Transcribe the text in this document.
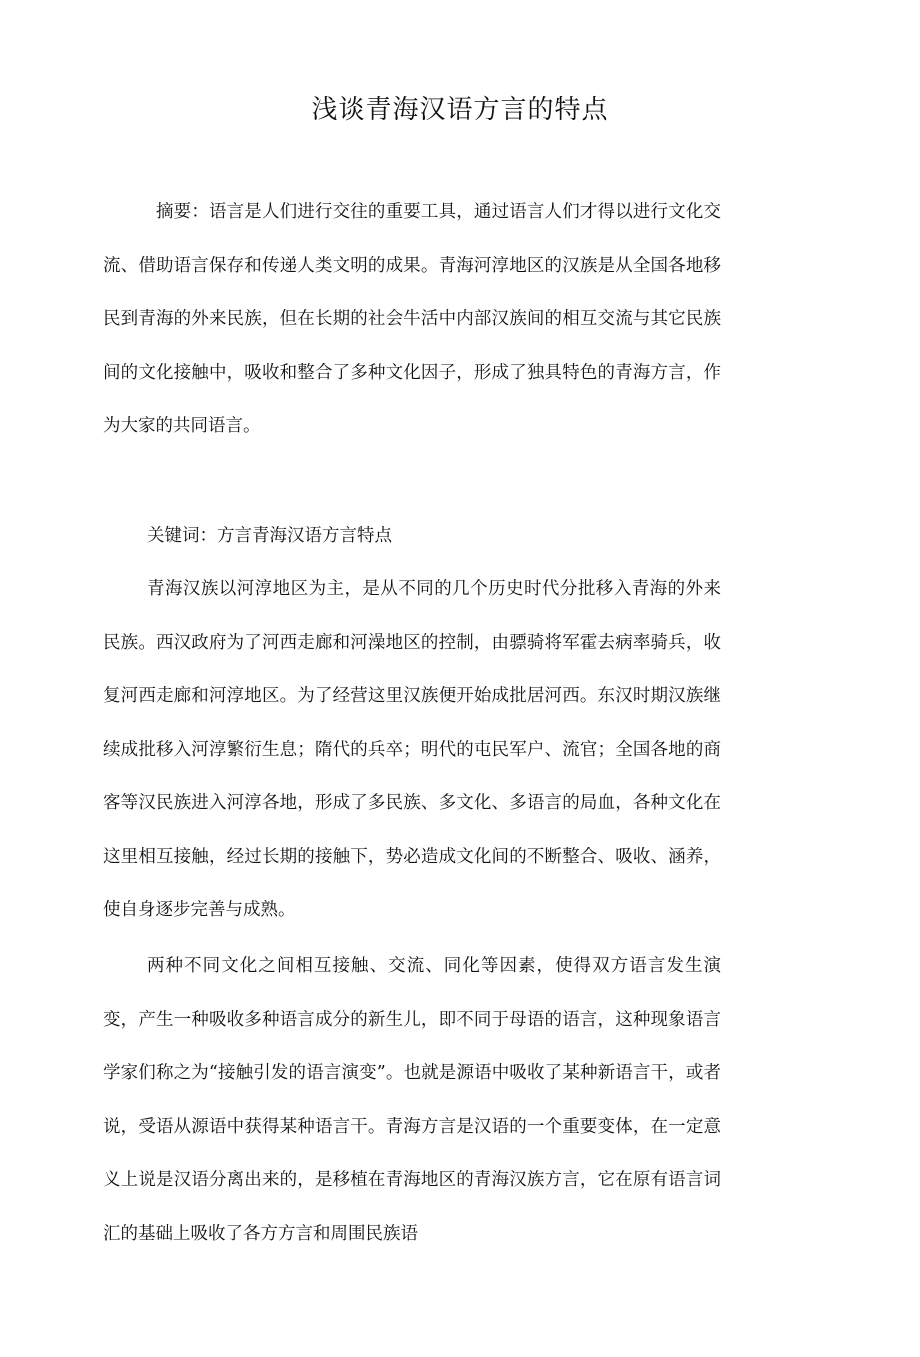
浅谈青海汉语方言的特点

摘要：语言是人们进行交往的重要工具，通过语言人们才得以进行文化交流、借助语言保存和传递人类文明的成果。青海河淳地区的汉族是从全国各地移民到青海的外来民族，但在长期的社会牛活中内部汉族间的相互交流与其它民族间的文化接触中，吸收和整合了多种文化因子，形成了独具特色的青海方言，作为大家的共同语言。

关键词：方言青海汉语方言特点

青海汉族以河淳地区为主，是从不同的几个历史时代分批移入青海的外来民族。西汉政府为了河西走廊和河澡地区的控制，由骠骑将军霍去病率骑兵，收复河西走廊和河淳地区。为了经营这里汉族便开始成批居河西。东汉时期汉族继续成批移入河淳繁衍生息；隋代的兵卒；明代的屯民军户、流官；全国各地的商客等汉民族进入河淳各地，形成了多民族、多文化、多语言的局血，各种文化在这里相互接触，经过长期的接触下，势必造成文化间的不断整合、吸收、涵养，使自身逐步完善与成熟。

两种不同文化之间相互接触、交流、同化等因素，使得双方语言发生演变，产生一种吸收多种语言成分的新生儿，即不同于母语的语言，这种现象语言学家们称之为“接触引发的语言演变”。也就是源语中吸收了某种新语言干，或者说，受语从源语中获得某种语言干。青海方言是汉语的一个重要变体，在一定意义上说是汉语分离出来的，是移植在青海地区的青海汉族方言，它在原有语言词汇的基础上吸收了各方方言和周围民族语
